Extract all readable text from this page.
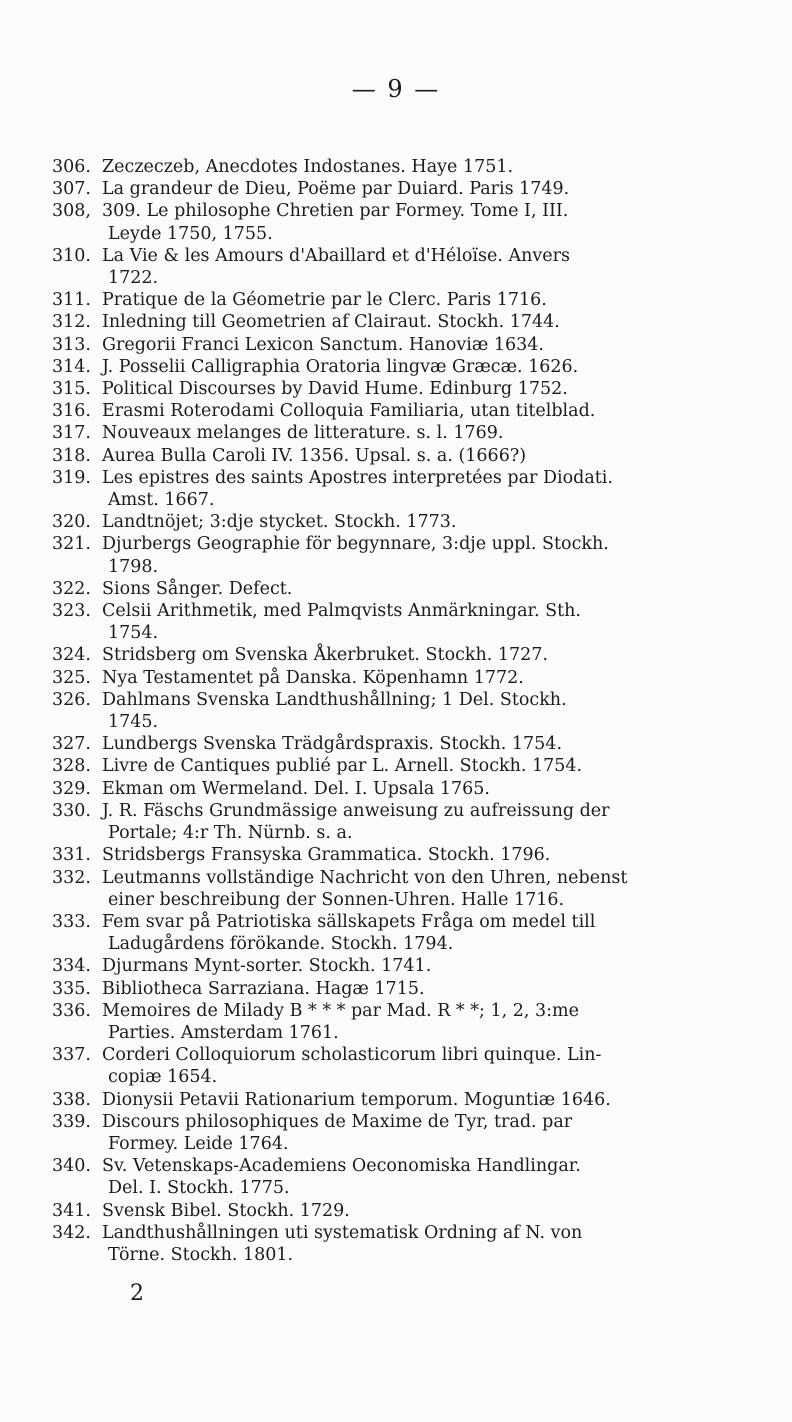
— 9 —
306. Zeczeczeb, Anecdotes Indostanes. Haye 1751.
307. La grandeur de Dieu, Poëme par Duiard. Paris 1749.
308, 309. Le philosophe Chretien par Formey. Tome I, III.
Leyde 1750, 1755.
310. La Vie & les Amours d'Abaillard et d'Héloïse. Anvers
1722.
311. Pratique de la Géometrie par le Clerc. Paris 1716.
312. Inledning till Geometrien af Clairaut. Stockh. 1744.
313. Gregorii Franci Lexicon Sanctum. Hanoviæ 1634.
314. J. Posselii Calligraphia Oratoria lingvæ Græcæ. 1626.
315. Political Discourses by David Hume. Edinburg 1752.
316. Erasmi Roterodami Colloquia Familiaria, utan titelblad.
317. Nouveaux melanges de litterature. s. l. 1769.
318. Aurea Bulla Caroli IV. 1356. Upsal. s. a. (1666?)
319. Les epistres des saints Apostres interpretées par Diodati.
Amst. 1667.
320. Landtnöjet; 3:dje stycket. Stockh. 1773.
321. Djurbergs Geographie för begynnare, 3:dje uppl. Stockh.
1798.
322. Sions Sånger. Defect.
323. Celsii Arithmetik, med Palmqvists Anmärkningar. Sth.
1754.
324. Stridsberg om Svenska Åkerbruket. Stockh. 1727.
325. Nya Testamentet på Danska. Köpenhamn 1772.
326. Dahlmans Svenska Landthushållning; 1 Del. Stockh.
1745.
327. Lundbergs Svenska Trädgårdspraxis. Stockh. 1754.
328. Livre de Cantiques publié par L. Arnell. Stockh. 1754.
329. Ekman om Wermeland. Del. I. Upsala 1765.
330. J. R. Fäschs Grundmässige anweisung zu aufreissung der
Portale; 4:r Th. Nürnb. s. a.
331. Stridsbergs Fransyska Grammatica. Stockh. 1796.
332. Leutmanns vollständige Nachricht von den Uhren, nebenst
einer beschreibung der Sonnen-Uhren. Halle 1716.
333. Fem svar på Patriotiska sällskapets Fråga om medel till
Ladugårdens förökande. Stockh. 1794.
334. Djurmans Mynt-sorter. Stockh. 1741.
335. Bibliotheca Sarraziana. Hagæ 1715.
336. Memoires de Milady B * * * par Mad. R * *; 1, 2, 3:me
Parties. Amsterdam 1761.
337. Corderi Colloquiorum scholasticorum libri quinque. Lin-
copiæ 1654.
338. Dionysii Petavii Rationarium temporum. Moguntiæ 1646.
339. Discours philosophiques de Maxime de Tyr, trad. par
Formey. Leide 1764.
340. Sv. Vetenskaps-Academiens Oeconomiska Handlingar.
Del. I. Stockh. 1775.
341. Svensk Bibel. Stockh. 1729.
342. Landthushållningen uti systematisk Ordning af N. von
Törne. Stockh. 1801.
2
